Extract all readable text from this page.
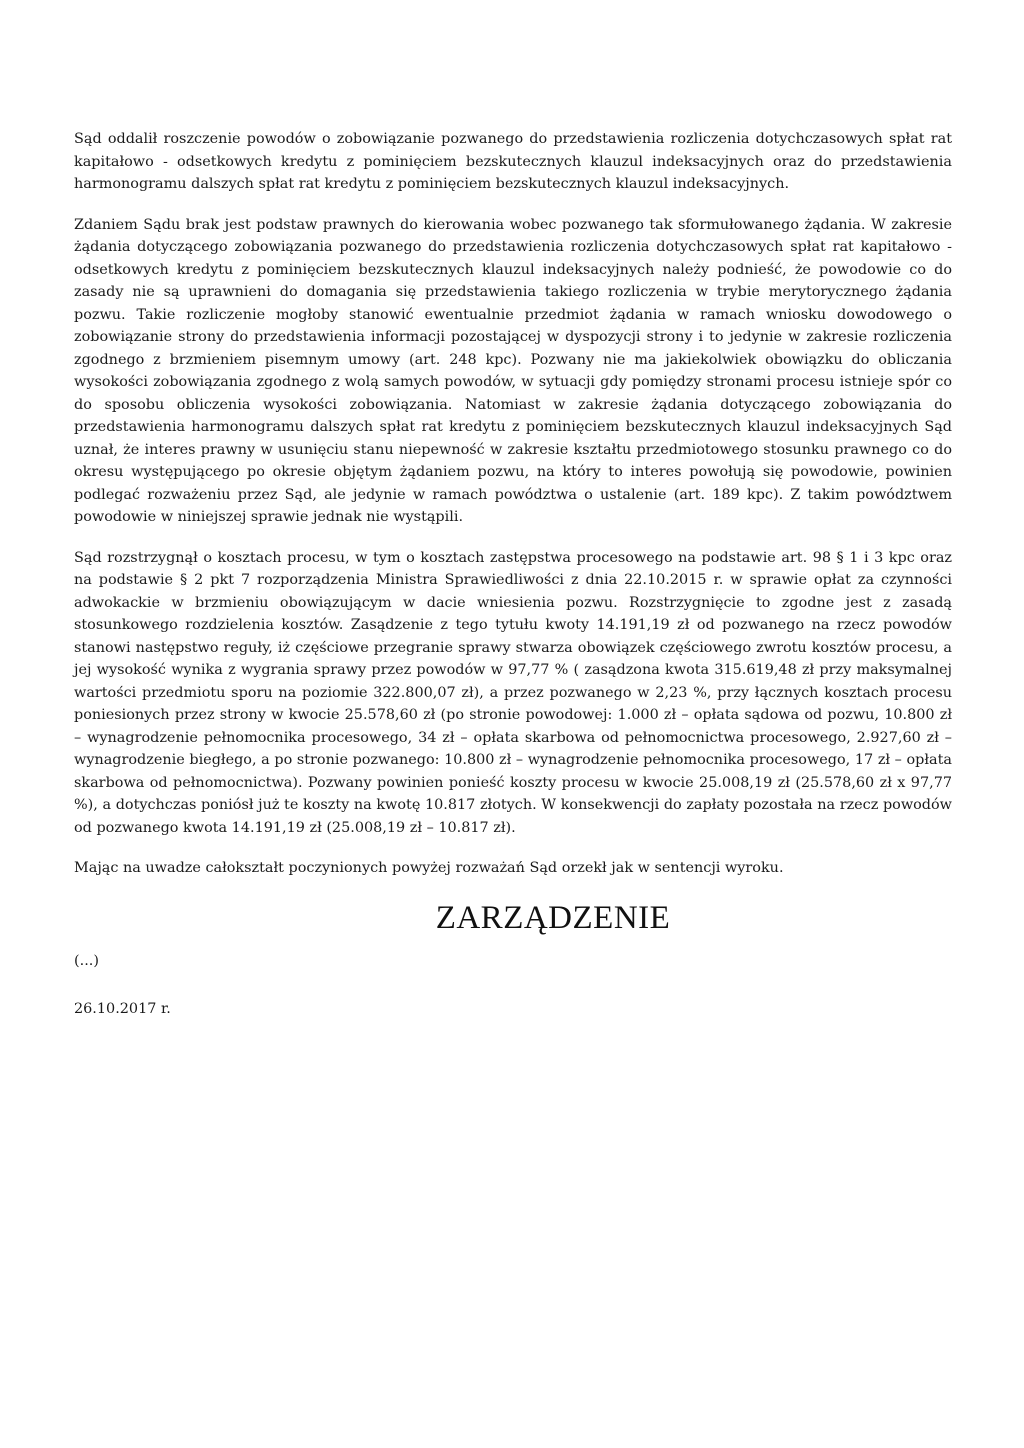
Sąd oddalił roszczenie powodów o zobowiązanie pozwanego do przedstawienia rozliczenia dotychczasowych spłat rat kapitałowo - odsetkowych kredytu z pominięciem bezskutecznych klauzul indeksacyjnych oraz do przedstawienia harmonogramu dalszych spłat rat kredytu z pominięciem bezskutecznych klauzul indeksacyjnych.

Zdaniem Sądu brak jest podstaw prawnych do kierowania wobec pozwanego tak sformułowanego żądania. W zakresie żądania dotyczącego zobowiązania pozwanego do przedstawienia rozliczenia dotychczasowych spłat rat kapitałowo - odsetkowych kredytu z pominięciem bezskutecznych klauzul indeksacyjnych należy podnieść, że powodowie co do zasady nie są uprawnieni do domagania się przedstawienia takiego rozliczenia w trybie merytorycznego żądania pozwu. Takie rozliczenie mogłoby stanowić ewentualnie przedmiot żądania w ramach wniosku dowodowego o zobowiązanie strony do przedstawienia informacji pozostającej w dyspozycji strony i to jedynie w zakresie rozliczenia zgodnego z brzmieniem pisemnym umowy (art. 248 kpc). Pozwany nie ma jakiekolwiek obowiązku do obliczania wysokości zobowiązania zgodnego z wolą samych powodów, w sytuacji gdy pomiędzy stronami procesu istnieje spór co do sposobu obliczenia wysokości zobowiązania. Natomiast w zakresie żądania dotyczącego zobowiązania do przedstawienia harmonogramu dalszych spłat rat kredytu z pominięciem bezskutecznych klauzul indeksacyjnych Sąd uznał, że interes prawny w usunięciu stanu niepewność w zakresie kształtu przedmiotowego stosunku prawnego co do okresu występującego po okresie objętym żądaniem pozwu, na który to interes powołują się powodowie, powinien podlegać rozważeniu przez Sąd, ale jedynie w ramach powództwa o ustalenie (art. 189 kpc). Z takim powództwem powodowie w niniejszej sprawie jednak nie wystąpili.

Sąd rozstrzygnął o kosztach procesu, w tym o kosztach zastępstwa procesowego na podstawie art. 98 § 1 i 3 kpc oraz na podstawie § 2 pkt 7 rozporządzenia Ministra Sprawiedliwości z dnia 22.10.2015 r. w sprawie opłat za czynności adwokackie w brzmieniu obowiązującym w dacie wniesienia pozwu. Rozstrzygnięcie to zgodne jest z zasadą stosunkowego rozdzielenia kosztów. Zasądzenie z tego tytułu kwoty 14.191,19 zł od pozwanego na rzecz powodów stanowi następstwo reguły, iż częściowe przegranie sprawy stwarza obowiązek częściowego zwrotu kosztów procesu, a jej wysokość wynika z wygrania sprawy przez powodów w 97,77 % ( zasądzona kwota 315.619,48 zł przy maksymalnej wartości przedmiotu sporu na poziomie 322.800,07 zł), a przez pozwanego w 2,23 %, przy łącznych kosztach procesu poniesionych przez strony w kwocie 25.578,60 zł (po stronie powodowej: 1.000 zł – opłata sądowa od pozwu, 10.800 zł – wynagrodzenie pełnomocnika procesowego, 34 zł – opłata skarbowa od pełnomocnictwa procesowego, 2.927,60 zł – wynagrodzenie biegłego, a po stronie pozwanego: 10.800 zł – wynagrodzenie pełnomocnika procesowego, 17 zł – opłata skarbowa od pełnomocnictwa). Pozwany powinien ponieść koszty procesu w kwocie 25.008,19 zł (25.578,60 zł x 97,77 %), a dotychczas poniósł już te koszty na kwotę 10.817 złotych. W konsekwencji do zapłaty pozostała na rzecz powodów od pozwanego kwota 14.191,19 zł (25.008,19 zł – 10.817 zł).

Mając na uwadze całokształt poczynionych powyżej rozważań Sąd orzekł jak w sentencji wyroku.

ZARZĄDZENIE

(...)

26.10.2017 r.
